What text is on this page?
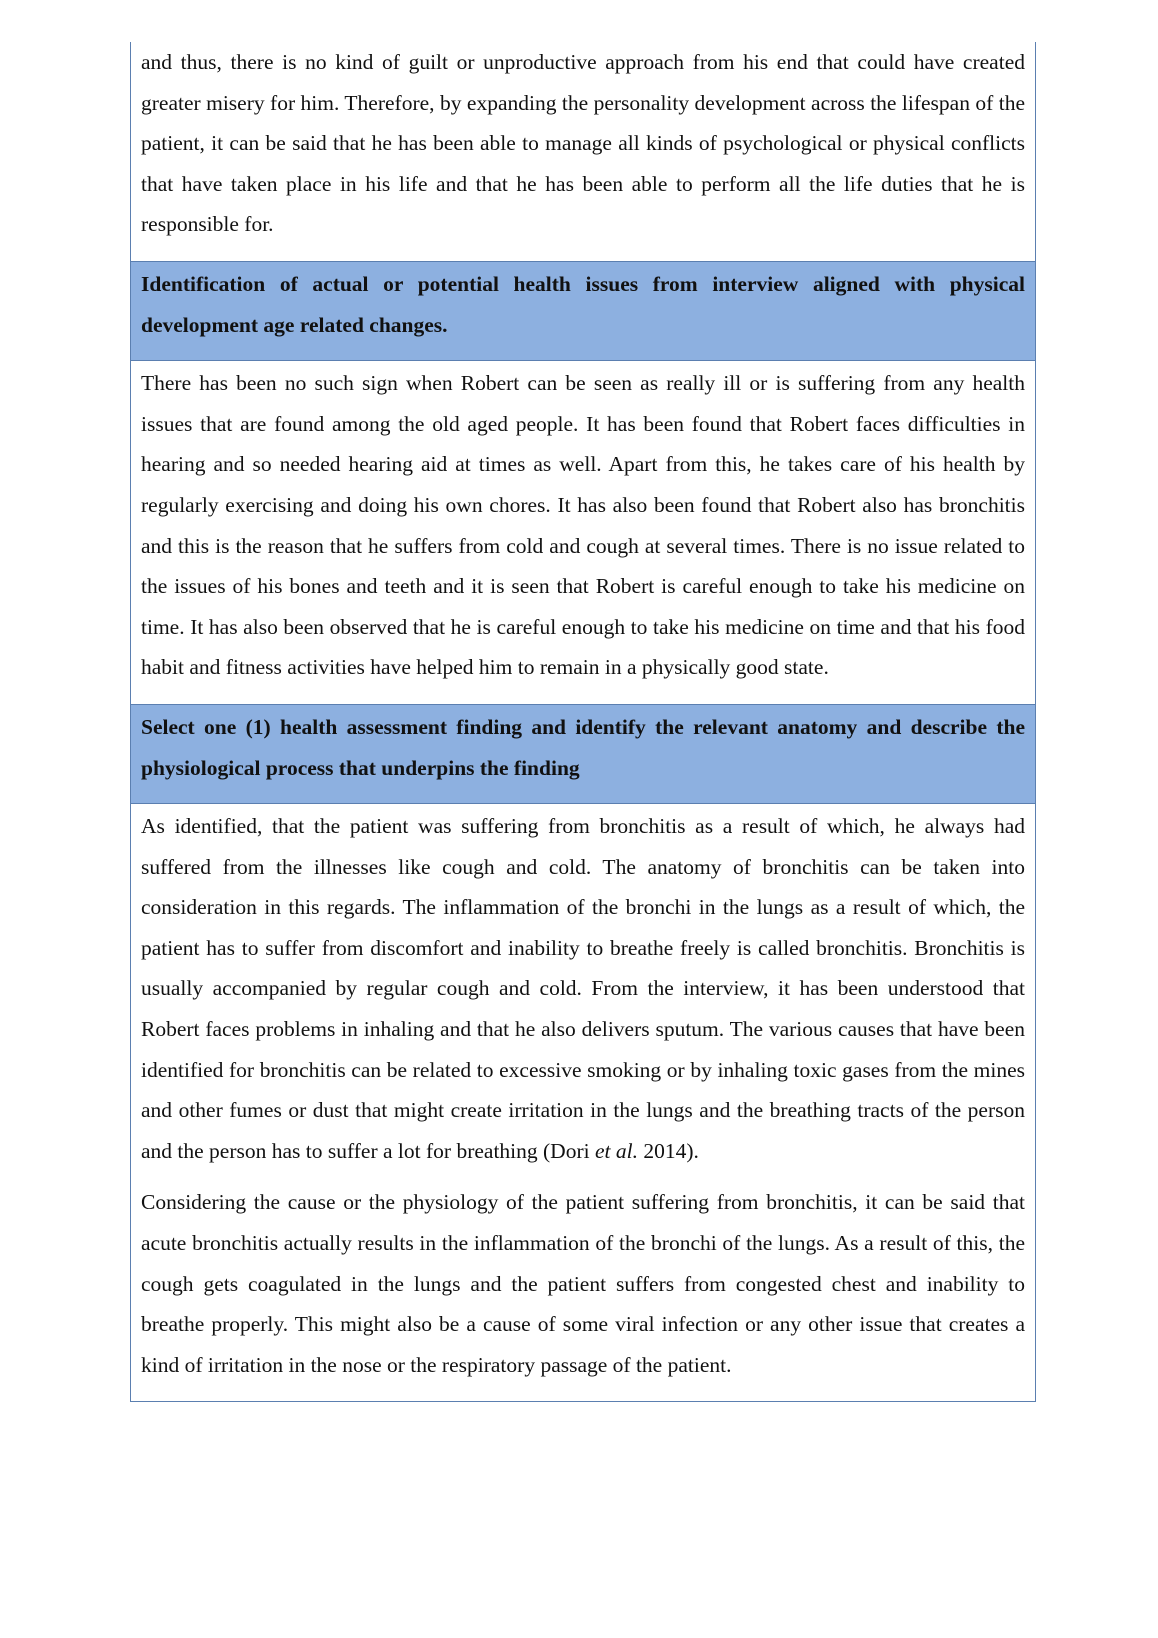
and thus, there is no kind of guilt or unproductive approach from his end that could have created greater misery for him. Therefore, by expanding the personality development across the lifespan of the patient, it can be said that he has been able to manage all kinds of psychological or physical conflicts that have taken place in his life and that he has been able to perform all the life duties that he is responsible for.

Identification of actual or potential health issues from interview aligned with physical development age related changes.

There has been no such sign when Robert can be seen as really ill or is suffering from any health issues that are found among the old aged people. It has been found that Robert faces difficulties in hearing and so needed hearing aid at times as well. Apart from this, he takes care of his health by regularly exercising and doing his own chores. It has also been found that Robert also has bronchitis and this is the reason that he suffers from cold and cough at several times. There is no issue related to the issues of his bones and teeth and it is seen that Robert is careful enough to take his medicine on time. It has also been observed that he is careful enough to take his medicine on time and that his food habit and fitness activities have helped him to remain in a physically good state.

Select one (1) health assessment finding and identify the relevant anatomy and describe the physiological process that underpins the finding

As identified, that the patient was suffering from bronchitis as a result of which, he always had suffered from the illnesses like cough and cold. The anatomy of bronchitis can be taken into consideration in this regards. The inflammation of the bronchi in the lungs as a result of which, the patient has to suffer from discomfort and inability to breathe freely is called bronchitis. Bronchitis is usually accompanied by regular cough and cold. From the interview, it has been understood that Robert faces problems in inhaling and that he also delivers sputum. The various causes that have been identified for bronchitis can be related to excessive smoking or by inhaling toxic gases from the mines and other fumes or dust that might create irritation in the lungs and the breathing tracts of the person and the person has to suffer a lot for breathing (Dori et al. 2014).

Considering the cause or the physiology of the patient suffering from bronchitis, it can be said that acute bronchitis actually results in the inflammation of the bronchi of the lungs. As a result of this, the cough gets coagulated in the lungs and the patient suffers from congested chest and inability to breathe properly. This might also be a cause of some viral infection or any other issue that creates a kind of irritation in the nose or the respiratory passage of the patient.
